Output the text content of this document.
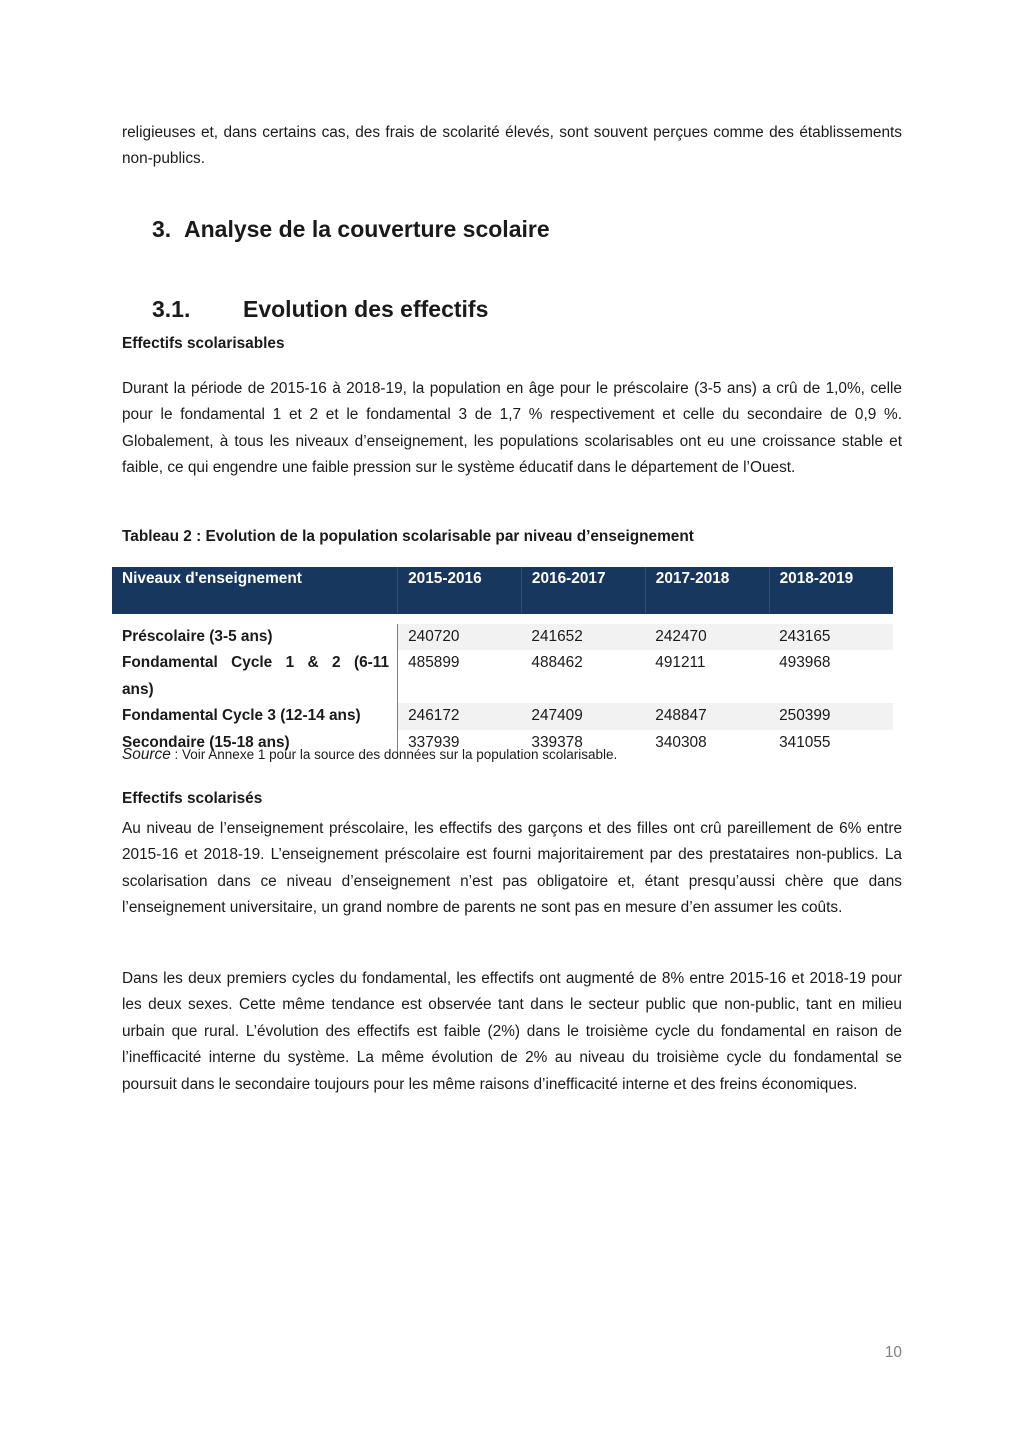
religieuses et, dans certains cas, des frais de scolarité élevés, sont souvent perçues comme des établissements non-publics.

3. Analyse de la couverture scolaire
3.1. Evolution des effectifs

Effectifs scolarisables

Durant la période de 2015-16 à 2018-19, la population en âge pour le préscolaire (3-5 ans) a crû de 1,0%, celle pour le fondamental 1 et 2 et le fondamental 3 de 1,7 % respectivement et celle du secondaire de 0,9 %. Globalement, à tous les niveaux d’enseignement, les populations scolarisables ont eu une croissance stable et faible, ce qui engendre une faible pression sur le système éducatif dans le département de l’Ouest.

Tableau 2 : Evolution de la population scolarisable par niveau d’enseignement

Niveaux d'enseignement	2015-2016	2016-2017	2017-2018	2018-2019

Préscolaire (3-5 ans)	240720	241652	242470	243165

Fondamental Cycle 1 & 2 (6-11
ans)	485899	488462	491211	493968
Fondamental Cycle 3 (12-14 ans)	246172	247409	248847	250399
Secondaire (15-18 ans)	337939	339378	340308	341055
Source : Voir Annexe 1 pour la source des données sur la population scolarisable.

Effectifs scolarisés

Au niveau de l’enseignement préscolaire, les effectifs des garçons et des filles ont crû pareillement de 6% entre 2015-16 et 2018-19. L’enseignement préscolaire est fourni majoritairement par des prestataires non-publics. La scolarisation dans ce niveau d’enseignement n’est pas obligatoire et, étant presqu’aussi chère que dans l’enseignement universitaire, un grand nombre de parents ne sont pas en mesure d’en assumer les coûts.

Dans les deux premiers cycles du fondamental, les effectifs ont augmenté de 8% entre 2015-16 et 2018-19 pour les deux sexes. Cette même tendance est observée tant dans le secteur public que non-public, tant en milieu urbain que rural. L’évolution des effectifs est faible (2%) dans le troisième cycle du fondamental en raison de l’inefficacité interne du système. La même évolution de 2% au niveau du troisième cycle du fondamental se poursuit dans le secondaire toujours pour les même raisons d’inefficacité interne et des freins économiques.

10
